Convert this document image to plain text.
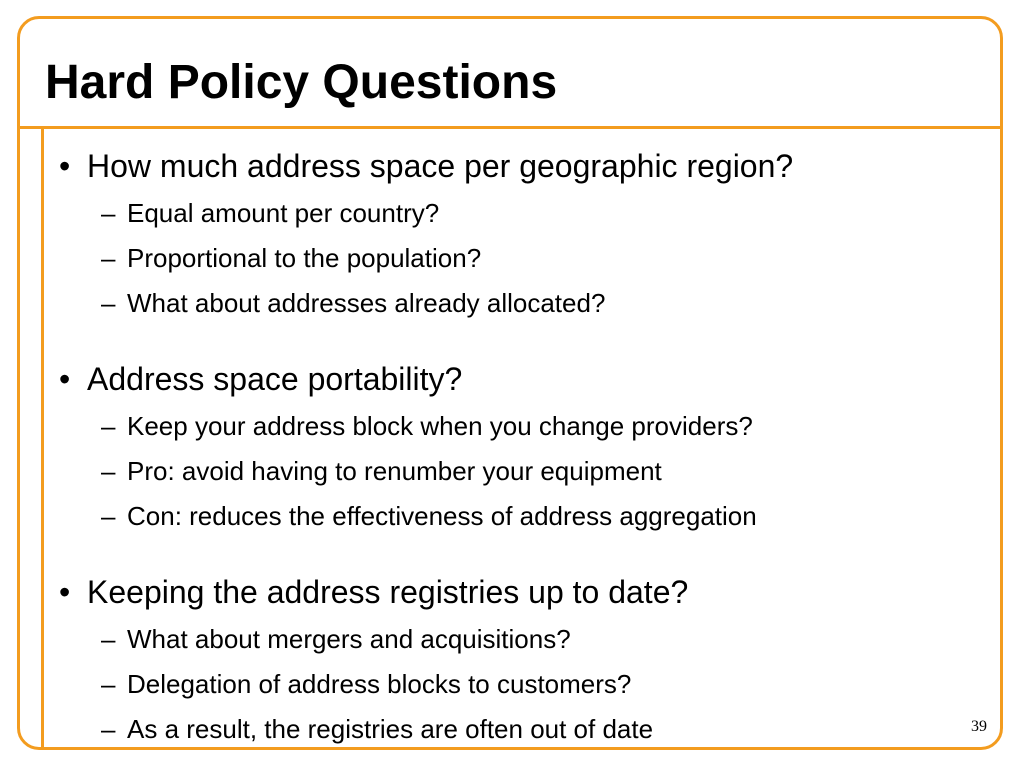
Hard Policy Questions
• How much address space per geographic region?
– Equal amount per country?
– Proportional to the population?
– What about addresses already allocated?
• Address space portability?
– Keep your address block when you change providers?
– Pro: avoid having to renumber your equipment
– Con: reduces the effectiveness of address aggregation
• Keeping the address registries up to date?
– What about mergers and acquisitions?
– Delegation of address blocks to customers?
– As a result, the registries are often out of date	39
